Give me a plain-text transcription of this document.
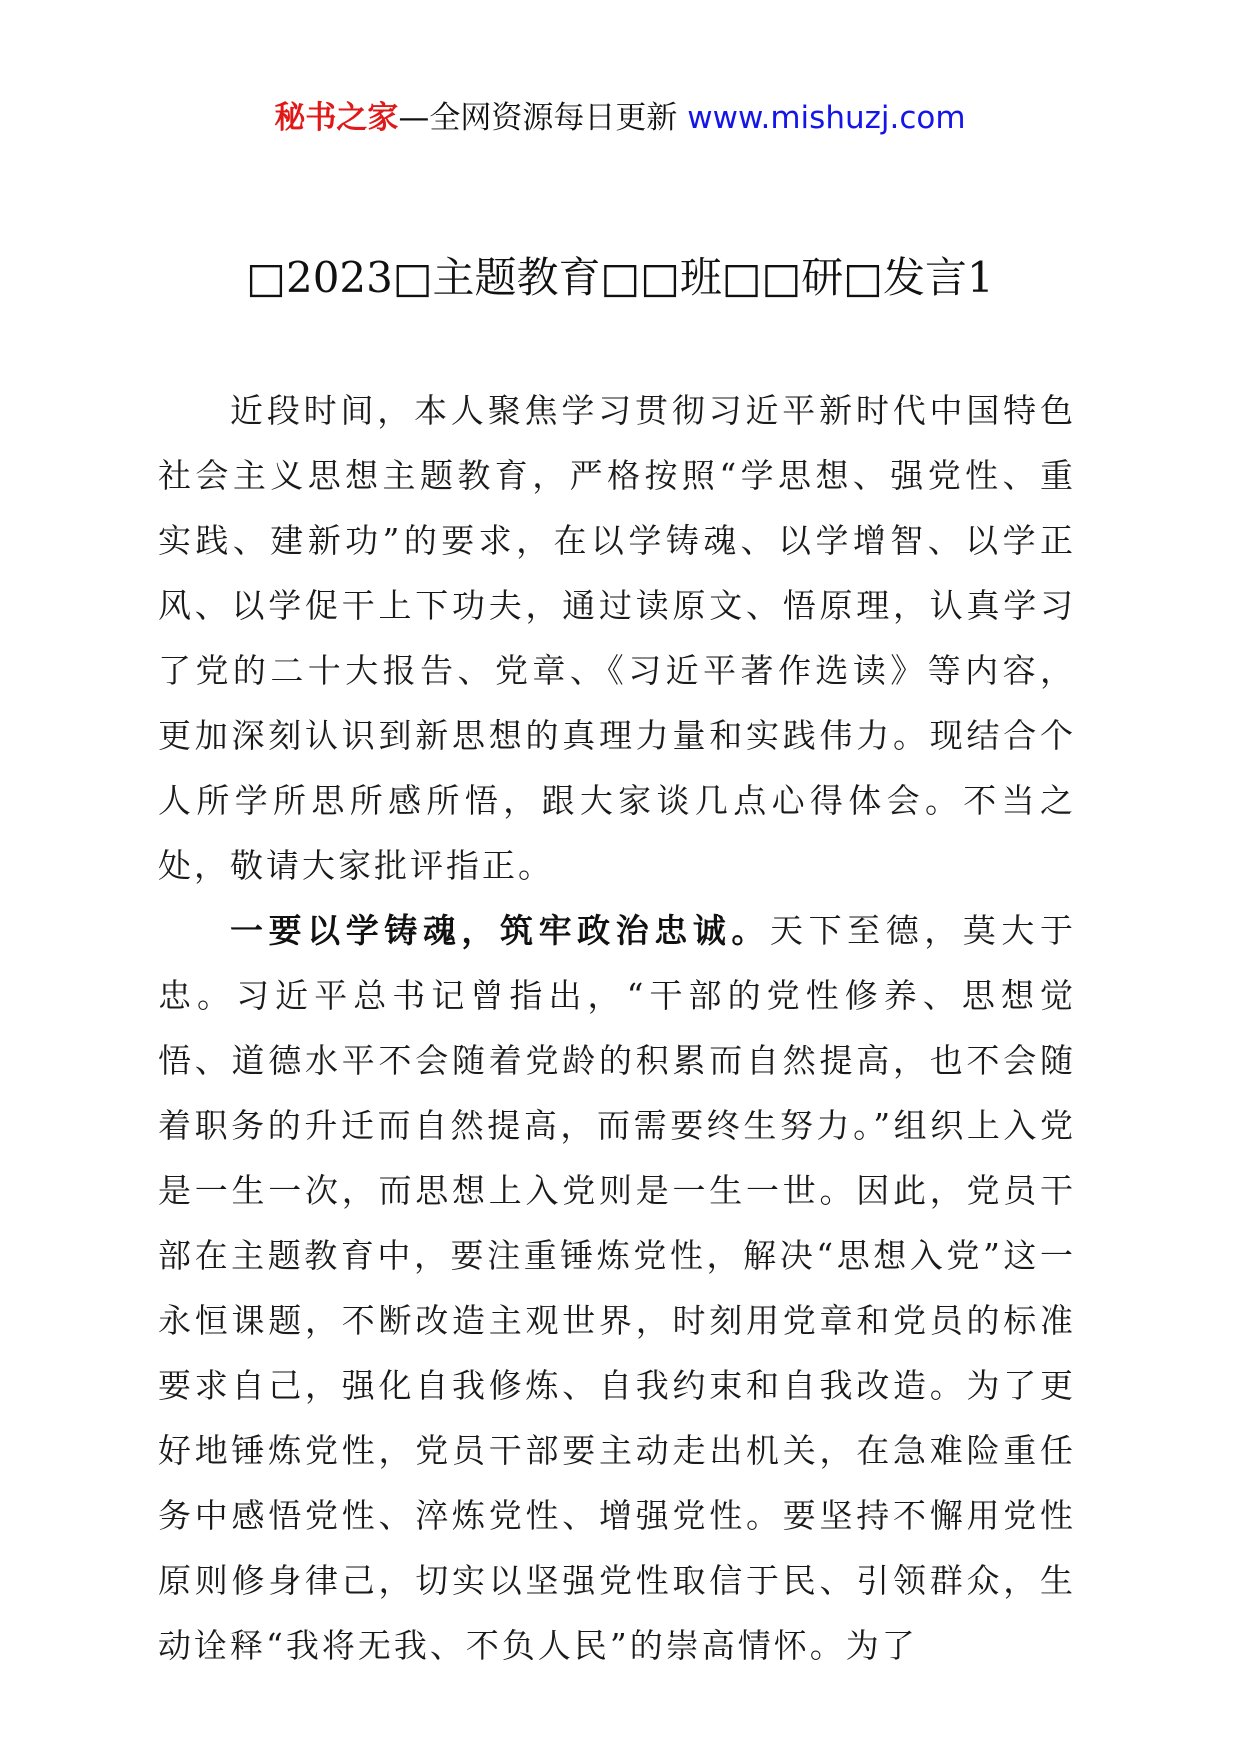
秘书之家—全网资源每日更新 www.mishuzj.com
□2023□主题教育□□班□□研□发言1

近段时间，本人聚焦学习贯彻习近平新时代中国特色社会主义思想主题教育，严格按照“学思想、强党性、重实践、建新功”的要求，在以学铸魂、以学增智、以学正风、以学促干上下功夫，通过读原文、悟原理，认真学习了党的二十大报告、党章、《习近平著作选读》等内容，更加深刻认识到新思想的真理力量和实践伟力。现结合个人所学所思所感所悟，跟大家谈几点心得体会。不当之处，敬请大家批评指正。

一要以学铸魂，筑牢政治忠诚。天下至德，莫大于忠。习近平总书记曾指出，“干部的党性修养、思想觉悟、道德水平不会随着党龄的积累而自然提高，也不会随着职务的升迁而自然提高，而需要终生努力。”组织上入党是一生一次，而思想上入党则是一生一世。因此，党员干部在主题教育中，要注重锤炼党性，解决“思想入党”这一永恒课题，不断改造主观世界，时刻用党章和党员的标准要求自己，强化自我修炼、自我约束和自我改造。为了更好地锤炼党性，党员干部要主动走出机关，在急难险重任务中感悟党性、淬炼党性、增强党性。要坚持不懈用党性原则修身律己，切实以坚强党性取信于民、引领群众，生动诠释“我将无我、不负人民”的崇高情怀。为了
